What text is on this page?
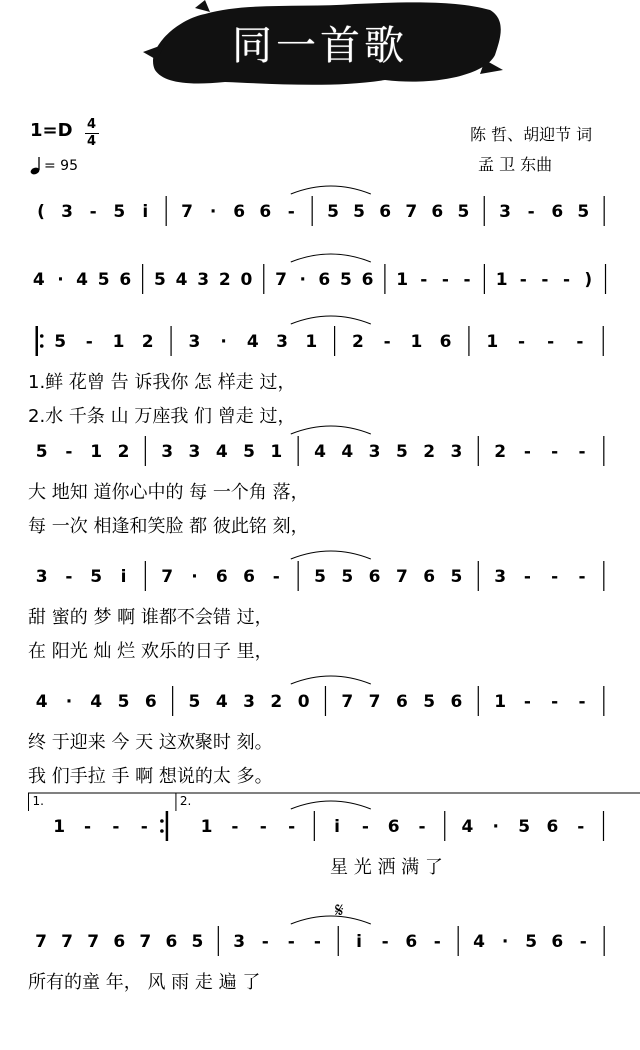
同一首歌
1=D 4
4
= 95
陈 哲、胡迎节 词
孟 卫 东曲
( 3 - 5 i 7 · 6 6 - 5 5 6 7 6 5 3 - 6 5
4 · 4 5 6 5 4 3 2 0 7 · 6 5 6 1 - - - 1 - - - )
5 - 1 2 3 · 4 3 1 2 - 1 6 1 - - -
1.鲜 花曾 告 诉我你 怎 样走 过，
2.水 千条 山 万座我 们 曾走 过，
5 - 1 2 3 3 4 5 1 4 4 3 5 2 3 2 - - -
大 地知 道你心中的 每 一个角 落，
每 一次 相逢和笑脸 都 彼此铭 刻，
3 - 5 i 7 · 6 6 - 5 5 6 7 6 5 3 - - -
甜 蜜的 梦 啊 谁都不会错 过，
在 阳光 灿 烂 欢乐的日子 里，
4 · 4 5 6 5 4 3 2 0 7 7 6 5 6 1 - - -
终 于迎来 今 天 这欢聚时 刻。
我 们手拉 手 啊 想说的太 多。
1.	2.
1 - - -	1 - - - i - 6 - 4 · 5 6 -
星 光 洒 满 了
7 7 7 6 7 6 5 3 - - - i - 6 - 4 · 5 6 -
所有的童 年， 风 雨 走 遍 了
𝄋
